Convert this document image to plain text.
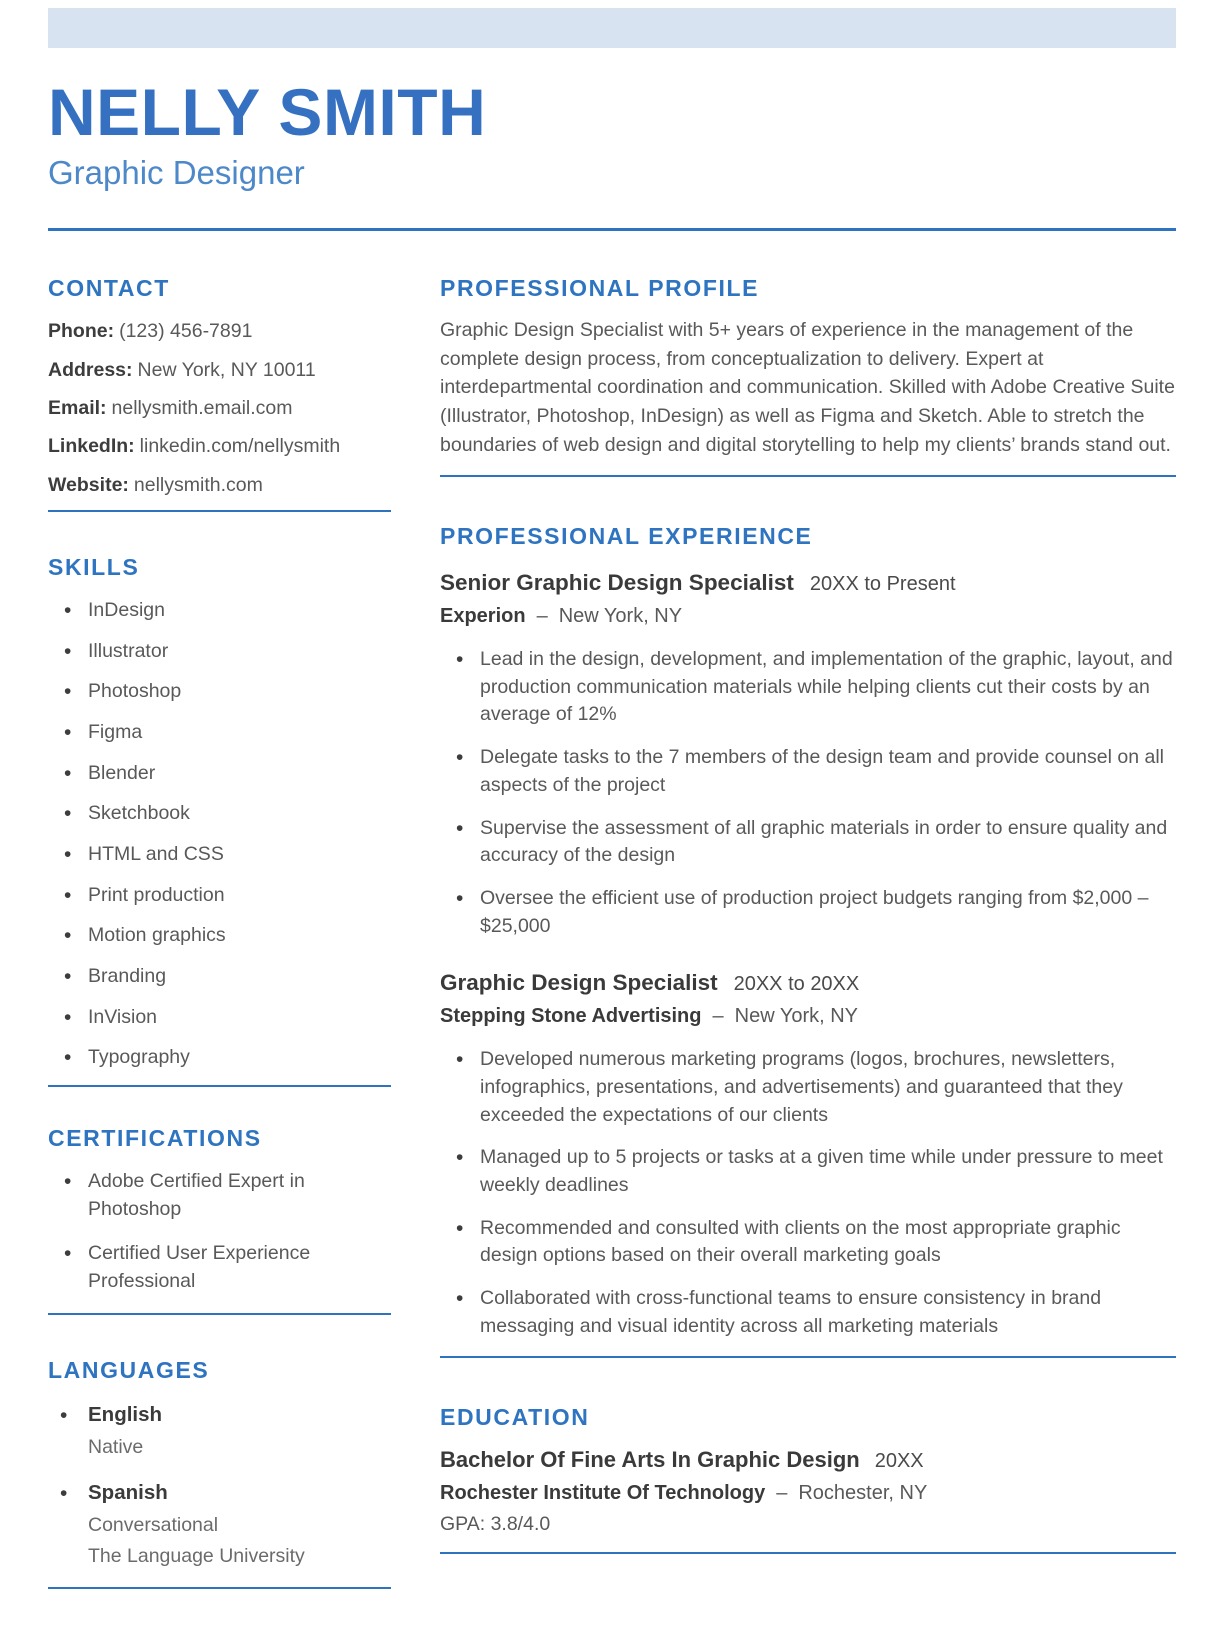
NELLY SMITH
Graphic Designer
CONTACT
Phone: (123) 456-7891
Address: New York, NY 10011
Email: nellysmith.email.com
LinkedIn: linkedin.com/nellysmith
Website: nellysmith.com
SKILLS
• InDesign
• Illustrator
• Photoshop
• Figma
• Blender
• Sketchbook
• HTML and CSS
• Print production
• Motion graphics
• Branding
• InVision
• Typography
CERTIFICATIONS
• Adobe Certified Expert in Photoshop
• Certified User Experience Professional
LANGUAGES
• English
Native
• Spanish
Conversational
The Language University
PROFESSIONAL PROFILE

Graphic Design Specialist with 5+ years of experience in the management of the complete design process, from conceptualization to delivery. Expert at interdepartmental coordination and communication. Skilled with Adobe Creative Suite (Illustrator, Photoshop, InDesign) as well as Figma and Sketch. Able to stretch the boundaries of web design and digital storytelling to help my clients’ brands stand out.

PROFESSIONAL EXPERIENCE
Senior Graphic Design Specialist 20XX to Present
Experion – New York, NY
• Lead in the design, development, and implementation of the graphic, layout, and production communication materials while helping clients cut their costs by an average of 12%
• Delegate tasks to the 7 members of the design team and provide counsel on all aspects of the project
• Supervise the assessment of all graphic materials in order to ensure quality and accuracy of the design
• Oversee the efficient use of production project budgets ranging from $2,000 – $25,000
Graphic Design Specialist 20XX to 20XX
Stepping Stone Advertising – New York, NY
• Developed numerous marketing programs (logos, brochures, newsletters, infographics, presentations, and advertisements) and guaranteed that they exceeded the expectations of our clients
• Managed up to 5 projects or tasks at a given time while under pressure to meet weekly deadlines
• Recommended and consulted with clients on the most appropriate graphic design options based on their overall marketing goals
• Collaborated with cross-functional teams to ensure consistency in brand messaging and visual identity across all marketing materials
EDUCATION
Bachelor Of Fine Arts In Graphic Design 20XX
Rochester Institute Of Technology – Rochester, NY
GPA: 3.8/4.0
